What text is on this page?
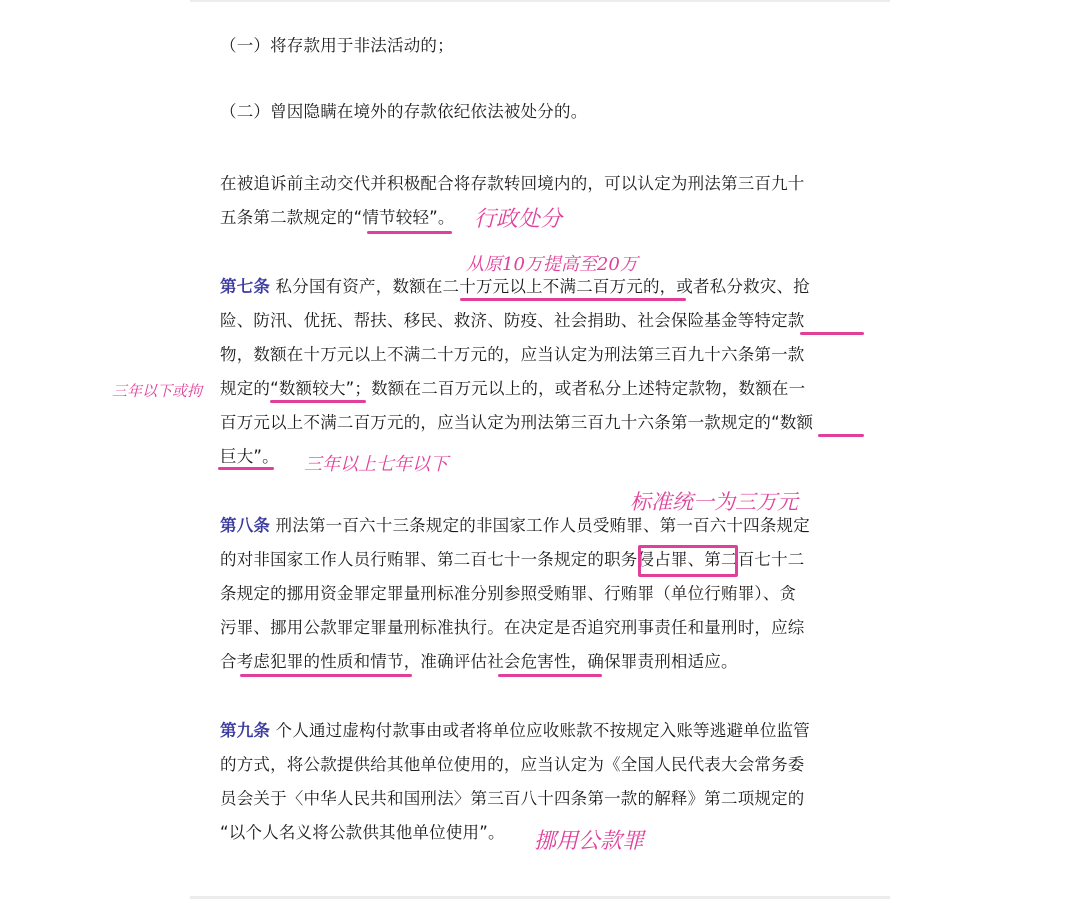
（一）将存款用于非法活动的；
（二）曾因隐瞒在境外的存款依纪依法被处分的。
在被追诉前主动交代并积极配合将存款转回境内的，可以认定为刑法第三百九十
五条第二款规定的“情节较轻”。
第七条 私分国有资产，数额在二十万元以上不满二百万元的，或者私分救灾、抢
险、防汛、优抚、帮扶、移民、救济、防疫、社会捐助、社会保险基金等特定款
物，数额在十万元以上不满二十万元的，应当认定为刑法第三百九十六条第一款
规定的“数额较大”；数额在二百万元以上的，或者私分上述特定款物，数额在一
百万元以上不满二百万元的，应当认定为刑法第三百九十六条第一款规定的“数额
巨大”。
第八条 刑法第一百六十三条规定的非国家工作人员受贿罪、第一百六十四条规定
的对非国家工作人员行贿罪、第二百七十一条规定的职务侵占罪、第二百七十二
条规定的挪用资金罪定罪量刑标准分别参照受贿罪、行贿罪（单位行贿罪）、贪
污罪、挪用公款罪定罪量刑标准执行。在决定是否追究刑事责任和量刑时，应综
合考虑犯罪的性质和情节，准确评估社会危害性，确保罪责刑相适应。
第九条 个人通过虚构付款事由或者将单位应收账款不按规定入账等逃避单位监管
的方式，将公款提供给其他单位使用的，应当认定为《全国人民代表大会常务委
员会关于〈中华人民共和国刑法〉第三百八十四条第一款的解释》第二项规定的
“以个人名义将公款供其他单位使用”。
行政处分
从原10万提高至20万
三年以下或拘
三年以上七年以下
标准统一为三万元
挪用公款罪
